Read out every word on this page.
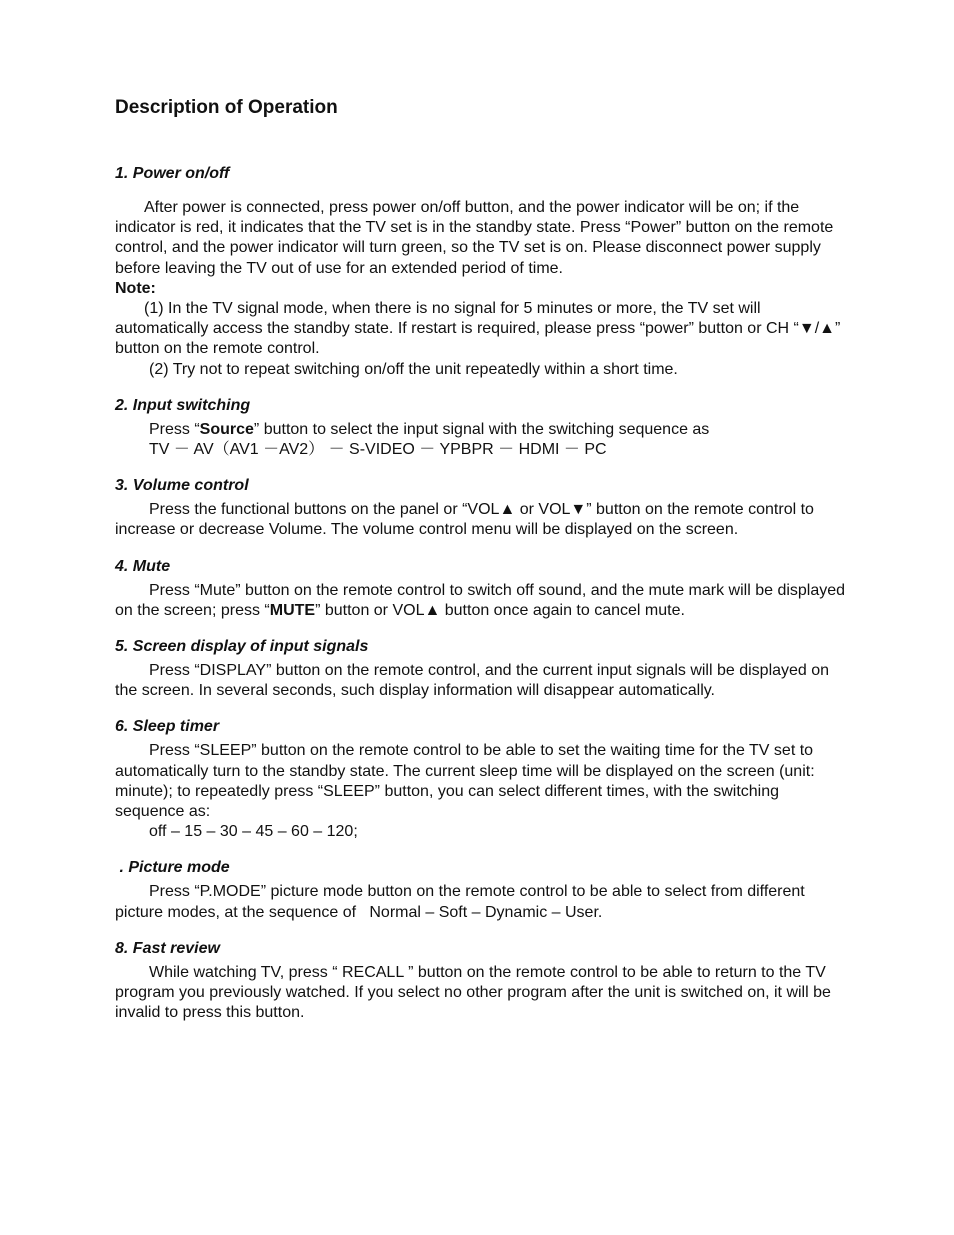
Description of Operation
1. Power on/off

After power is connected, press power on/off button, and the power indicator will be on; if the indicator is red, it indicates that the TV set is in the standby state. Press “Power” button on the remote control, and the power indicator will turn green, so the TV set is on. Please disconnect power supply before leaving the TV out of use for an extended period of time.

Note:

(1) In the TV signal mode, when there is no signal for 5 minutes or more, the TV set will automatically access the standby state. If restart is required, please press “power” button or CH “▼/▲” button on the remote control.

(2) Try not to repeat switching on/off the unit repeatedly within a short time.

2. Input switching

Press “Source” button to select the input signal with the switching sequence as

TV － AV（AV1 －AV2） － S-VIDEO － YPBPR － HDMI － PC

3. Volume control

Press the functional buttons on the panel or “VOL▲ or VOL▼” button on the remote control to increase or decrease Volume. The volume control menu will be displayed on the screen.

4. Mute

Press “Mute” button on the remote control to switch off sound, and the mute mark will be displayed on the screen; press “MUTE” button or VOL▲ button once again to cancel mute.

5. Screen display of input signals

Press “DISPLAY” button on the remote control, and the current input signals will be displayed on the screen. In several seconds, such display information will disappear automatically.

6. Sleep timer

Press “SLEEP” button on the remote control to be able to set the waiting time for the TV set to automatically turn to the standby state. The current sleep time will be displayed on the screen (unit: minute); to repeatedly press “SLEEP” button, you can select different times, with the switching sequence as:

off – 15 – 30 – 45 – 60 – 120;

. Picture mode

Press “P.MODE” picture mode button on the remote control to be able to select from different picture modes, at the sequence of   Normal – Soft – Dynamic – User.

8. Fast review

While watching TV, press “ RECALL ” button on the remote control to be able to return to the TV program you previously watched. If you select no other program after the unit is switched on, it will be invalid to press this button.
